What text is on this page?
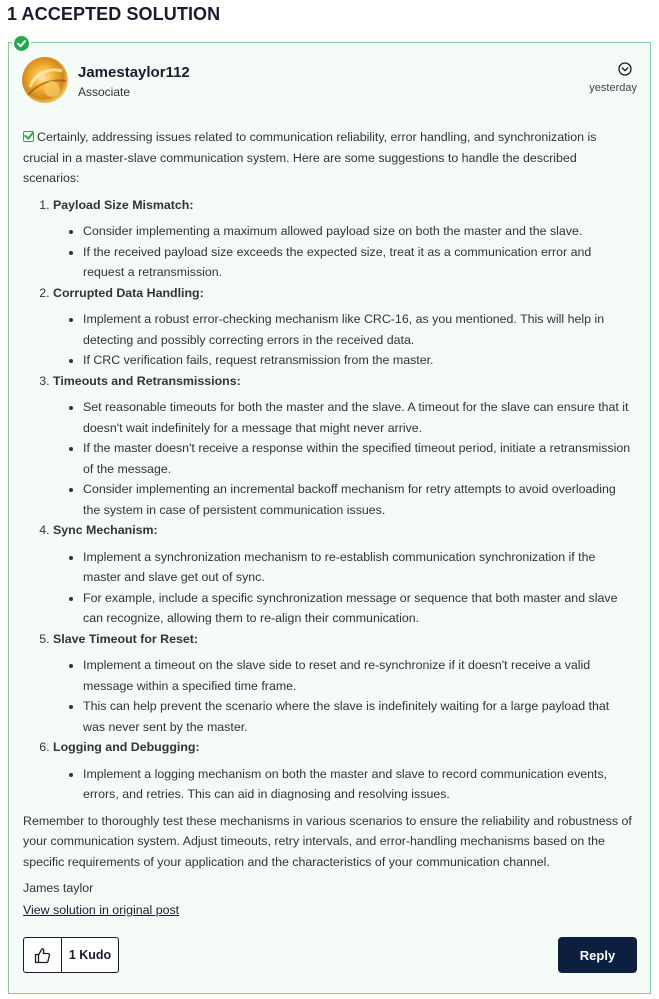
1 ACCEPTED SOLUTION
Jamestaylor112
Associate	yesterday

Certainly, addressing issues related to communication reliability, error handling, and synchronization is crucial in a master-slave communication system. Here are some suggestions to handle the described scenarios:

1. Payload Size Mismatch:
• Consider implementing a maximum allowed payload size on both the master and the slave.
• If the received payload size exceeds the expected size, treat it as a communication error and request a retransmission.
2. Corrupted Data Handling:
• Implement a robust error-checking mechanism like CRC-16, as you mentioned. This will help in detecting and possibly correcting errors in the received data.
• If CRC verification fails, request retransmission from the master.
3. Timeouts and Retransmissions:
• Set reasonable timeouts for both the master and the slave. A timeout for the slave can ensure that it doesn't wait indefinitely for a message that might never arrive.
• If the master doesn't receive a response within the specified timeout period, initiate a retransmission of the message.
• Consider implementing an incremental backoff mechanism for retry attempts to avoid overloading the system in case of persistent communication issues.
4. Sync Mechanism:
• Implement a synchronization mechanism to re-establish communication synchronization if the master and slave get out of sync.
• For example, include a specific synchronization message or sequence that both master and slave can recognize, allowing them to re-align their communication.
5. Slave Timeout for Reset:
• Implement a timeout on the slave side to reset and re-synchronize if it doesn't receive a valid message within a specified time frame.
• This can help prevent the scenario where the slave is indefinitely waiting for a large payload that was never sent by the master.
6. Logging and Debugging:
• Implement a logging mechanism on both the master and slave to record communication events, errors, and retries. This can aid in diagnosing and resolving issues.

Remember to thoroughly test these mechanisms in various scenarios to ensure the reliability and robustness of your communication system. Adjust timeouts, retry intervals, and error-handling mechanisms based on the specific requirements of your application and the characteristics of your communication channel.

James taylor

View solution in original post
1 Kudo	Reply
